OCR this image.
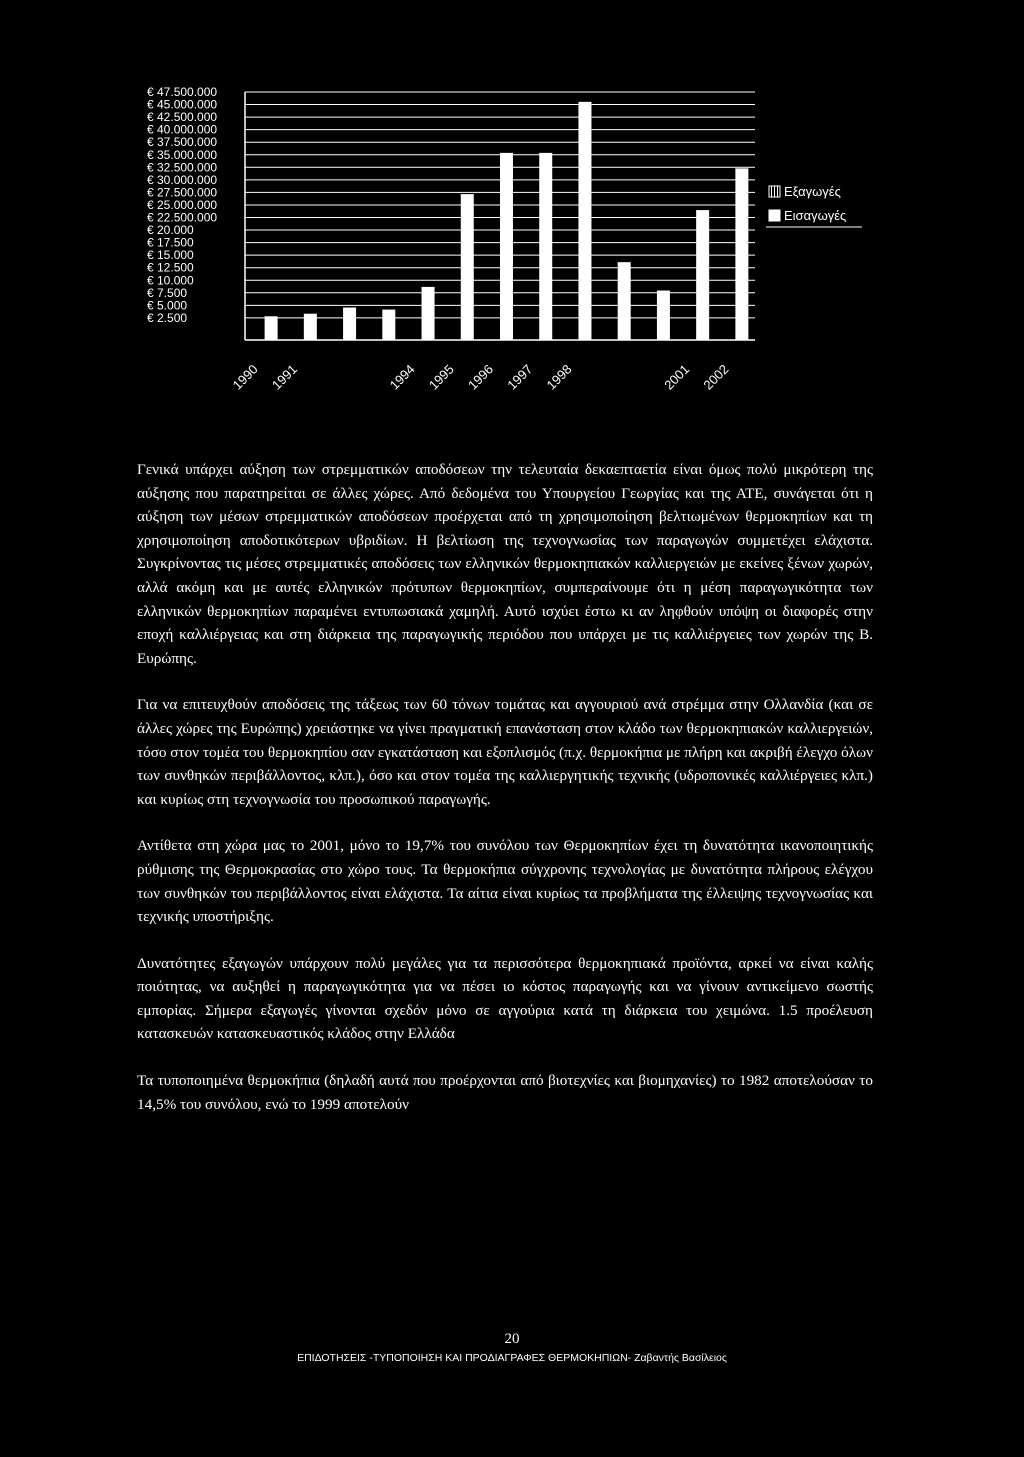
€ 47.500.000
€ 45.000.000
€ 42.500.000
€ 40.000.000
€ 37.500.000
€ 35.000.000
€ 32.500.000
€ 30.000.000
€ 27.500.000
€ 25.000.000
€ 22.500.000
€ 20.000
€ 17.500
€ 15.000
€ 12.500
€ 10.000
€ 7.500
€ 5.000
€ 2.500
1990 1991	1994 1995 1996 1997 1998	2001 2002
Εξαγωγές
Εισαγωγές

Γενικά υπάρχει αύξηση των στρεμματικών αποδόσεων την τελευταία δεκαεπταετία είναι όμως πολύ μικρότερη της αύξησης που παρατηρείται σε άλλες χώρες. Από δεδομένα του Υπουργείου Γεωργίας και της ΑΤΕ, συνάγεται ότι η αύξηση των μέσων στρεμματικών αποδόσεων προέρχεται από τη χρησιμοποίηση βελτιωμένων θερμοκηπίων και τη χρησιμοποίηση αποδοτικότερων υβριδίων. Η βελτίωση της τεχνογνωσίας των παραγωγών συμμετέχει ελάχιστα. Συγκρίνοντας τις μέσες στρεμματικές αποδόσεις των ελληνικών θερμοκηπιακών καλλιεργειών με εκείνες ξένων χωρών, αλλά ακόμη και με αυτές ελληνικών πρότυπων θερμοκηπίων, συμπεραίνουμε ότι η μέση παραγωγικότητα των ελληνικών θερμοκηπίων παραμένει εντυπωσιακά χαμηλή. Αυτό ισχύει έστω κι αν ληφθούν υπόψη οι διαφορές στην εποχή καλλιέργειας και στη διάρκεια της παραγωγικής περιόδου που υπάρχει με τις καλλιέργειες των χωρών της Β. Ευρώπης.

Για να επιτευχθούν αποδόσεις της τάξεως των 60 τόνων τομάτας και αγγουριού ανά στρέμμα στην Ολλανδία (και σε άλλες χώρες της Ευρώπης) χρειάστηκε να γίνει πραγματική επανάσταση στον κλάδο των θερμοκηπιακών καλλιεργειών, τόσο στον τομέα του θερμοκηπίου σαν εγκατάσταση και εξοπλισμός (π.χ. θερμοκήπια με πλήρη και ακριβή έλεγχο όλων των συνθηκών περιβάλλοντος, κλπ.), όσο και στον τομέα της καλλιεργητικής τεχνικής (υδροπονικές καλλιέργειες κλπ.) και κυρίως στη τεχνογνωσία του προσωπικού παραγωγής.

Αντίθετα στη χώρα μας το 2001, μόνο το 19,7% του συνόλου των Θερμοκηπίων έχει τη δυνατότητα ικανοποιητικής ρύθμισης της Θερμοκρασίας στο χώρο τους. Τα θερμοκήπια σύγχρονης τεχνολογίας με δυνατότητα πλήρους ελέγχου των συνθηκών του περιβάλλοντος είναι ελάχιστα. Τα αίτια είναι κυρίως τα προβλήματα της έλλειψης τεχνογνωσίας και τεχνικής υποστήριξης.

Δυνατότητες εξαγωγών υπάρχουν πολύ μεγάλες για τα περισσότερα θερμοκηπιακά προϊόντα, αρκεί να είναι καλής ποιότητας, να αυξηθεί η παραγωγικότητα για να πέσει ιο κόστος παραγωγής και να γίνουν αντικείμενο σωστής εμπορίας. Σήμερα εξαγωγές γίνονται σχεδόν μόνο σε αγγούρια κατά τη διάρκεια του χειμώνα. 1.5 προέλευση κατασκευών κατασκευαστικός κλάδος στην Ελλάδα

Τα τυποποιημένα θερμοκήπια (δηλαδή αυτά που προέρχονται από βιοτεχνίες και βιομηχανίες) το 1982 αποτελούσαν το 14,5% του συνόλου, ενώ το 1999 αποτελούν

20
ΕΠΙΔΟΤΗΣΕΙΣ -ΤΥΠΟΠΟΙΗΣΗ ΚΑΙ ΠΡΟΔΙΑΓΡΑΦΕΣ ΘΕΡΜΟΚΗΠΙΩΝ- Ζαβαντής Βασίλειος
